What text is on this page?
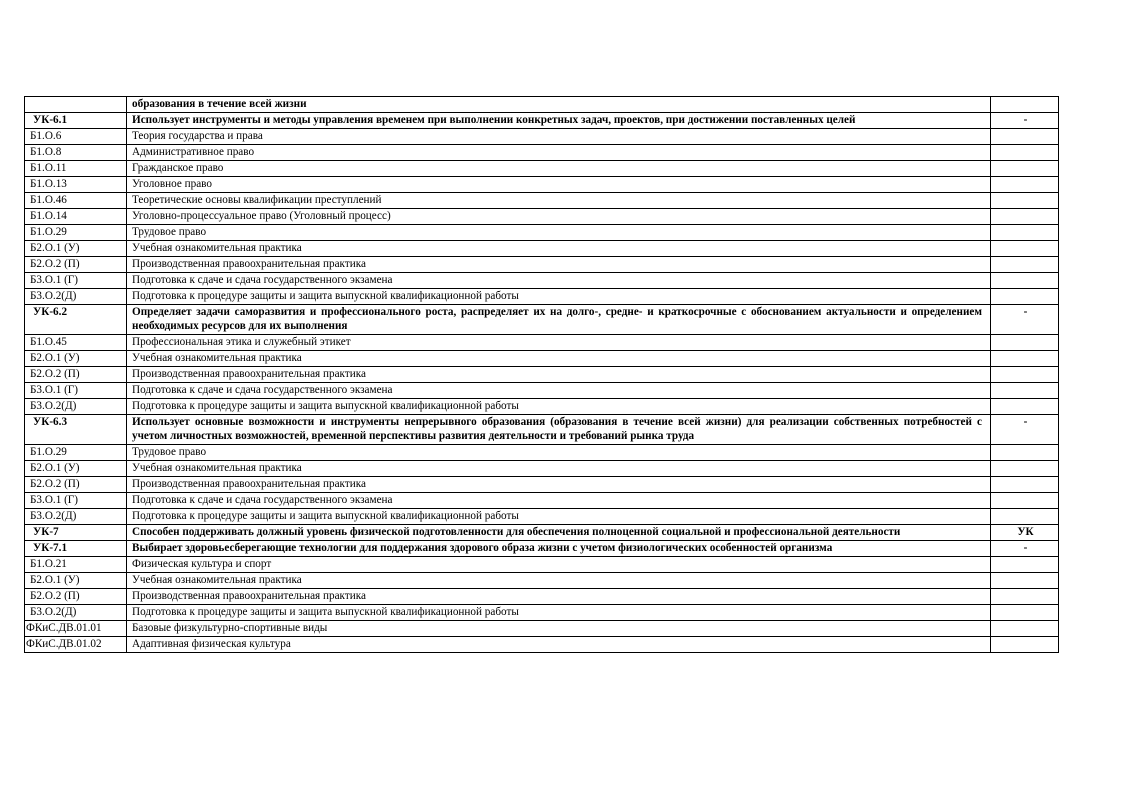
	образования в течение всей жизни	
УК-6.1	Использует инструменты и методы управления временем при выполнении конкретных задач, проектов, при достижении поставленных целей	-
Б1.О.6	Теория государства и права	
Б1.О.8	Административное право	
Б1.О.11	Гражданское право	
Б1.О.13	Уголовное право	
Б1.О.46	Теоретические основы квалификации преступлений	
Б1.О.14	Уголовно-процессуальное право (Уголовный процесс)	
Б1.О.29	Трудовое право	
Б2.О.1 (У)	Учебная ознакомительная практика	
Б2.О.2 (П)	Производственная правоохранительная практика	
Б3.О.1 (Г)	Подготовка к сдаче и сдача государственного экзамена	
Б3.О.2(Д)	Подготовка к процедуре защиты и защита выпускной квалификационной работы	
УК-6.2	Определяет задачи саморазвития и профессионального роста, распределяет их на долго-, средне- и краткосрочные с обоснованием актуальности и определением необходимых ресурсов для их выполнения	-
Б1.О.45	Профессиональная этика и служебный этикет	
Б2.О.1 (У)	Учебная ознакомительная практика	
Б2.О.2 (П)	Производственная правоохранительная практика	
Б3.О.1 (Г)	Подготовка к сдаче и сдача государственного экзамена	
Б3.О.2(Д)	Подготовка к процедуре защиты и защита выпускной квалификационной работы	
УК-6.3	Использует основные возможности и инструменты непрерывного образования (образования в течение всей жизни) для реализации собственных потребностей с учетом личностных возможностей, временной перспективы развития деятельности и требований рынка труда	-
Б1.О.29	Трудовое право	
Б2.О.1 (У)	Учебная ознакомительная практика	
Б2.О.2 (П)	Производственная правоохранительная практика	
Б3.О.1 (Г)	Подготовка к сдаче и сдача государственного экзамена	
Б3.О.2(Д)	Подготовка к процедуре защиты и защита выпускной квалификационной работы	
УК-7	Способен поддерживать должный уровень физической подготовленности для обеспечения полноценной социальной и профессиональной деятельности	УК
УК-7.1	Выбирает здоровьесберегающие технологии для поддержания здорового образа жизни с учетом физиологических особенностей организма	-
Б1.О.21	Физическая культура и спорт	
Б2.О.1 (У)	Учебная ознакомительная практика	
Б2.О.2 (П)	Производственная правоохранительная практика	
Б3.О.2(Д)	Подготовка к процедуре защиты и защита выпускной квалификационной работы	
ФКиС.ДВ.01.01	Базовые физкультурно-спортивные виды	
ФКиС.ДВ.01.02	Адаптивная физическая культура	
